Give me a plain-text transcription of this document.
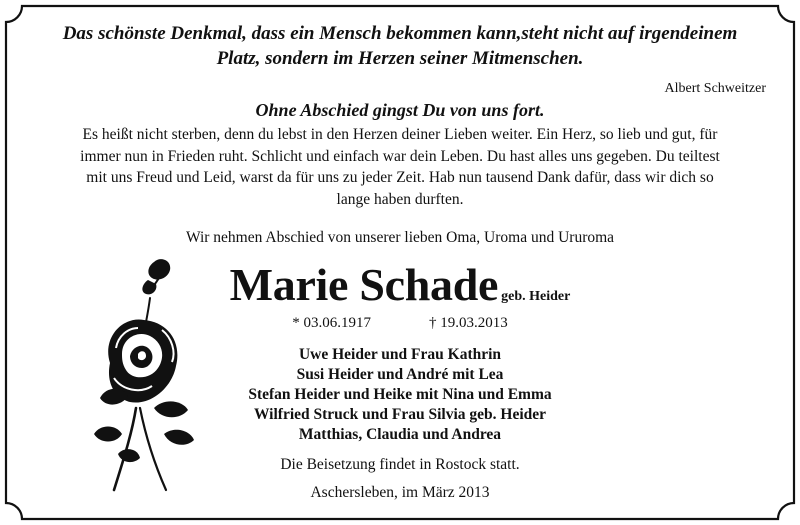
Das schönste Denkmal, dass ein Mensch bekommen kann,steht nicht auf irgendeinem
Platz, sondern im Herzen seiner Mitmenschen.
Albert Schweitzer
Ohne Abschied gingst Du von uns fort.
Es heißt nicht sterben, denn du lebst in den Herzen deiner Lieben weiter. Ein Herz, so lieb und gut, für
immer nun in Frieden ruht. Schlicht und einfach war dein Leben. Du hast alles uns gegeben. Du teiltest
mit uns Freud und Leid, warst da für uns zu jeder Zeit. Hab nun tausend Dank dafür, dass wir dich so
lange haben durften.
Wir nehmen Abschied von unserer lieben Oma, Uroma und Ururoma
Marie Schade geb. Heider
* 03.06.1917	† 19.03.2013
Uwe Heider und Frau Kathrin
Susi Heider und André mit Lea
Stefan Heider und Heike mit Nina und Emma
Wilfried Struck und Frau Silvia geb. Heider
Matthias, Claudia und Andrea
Die Beisetzung findet in Rostock statt.
Aschersleben, im März 2013
